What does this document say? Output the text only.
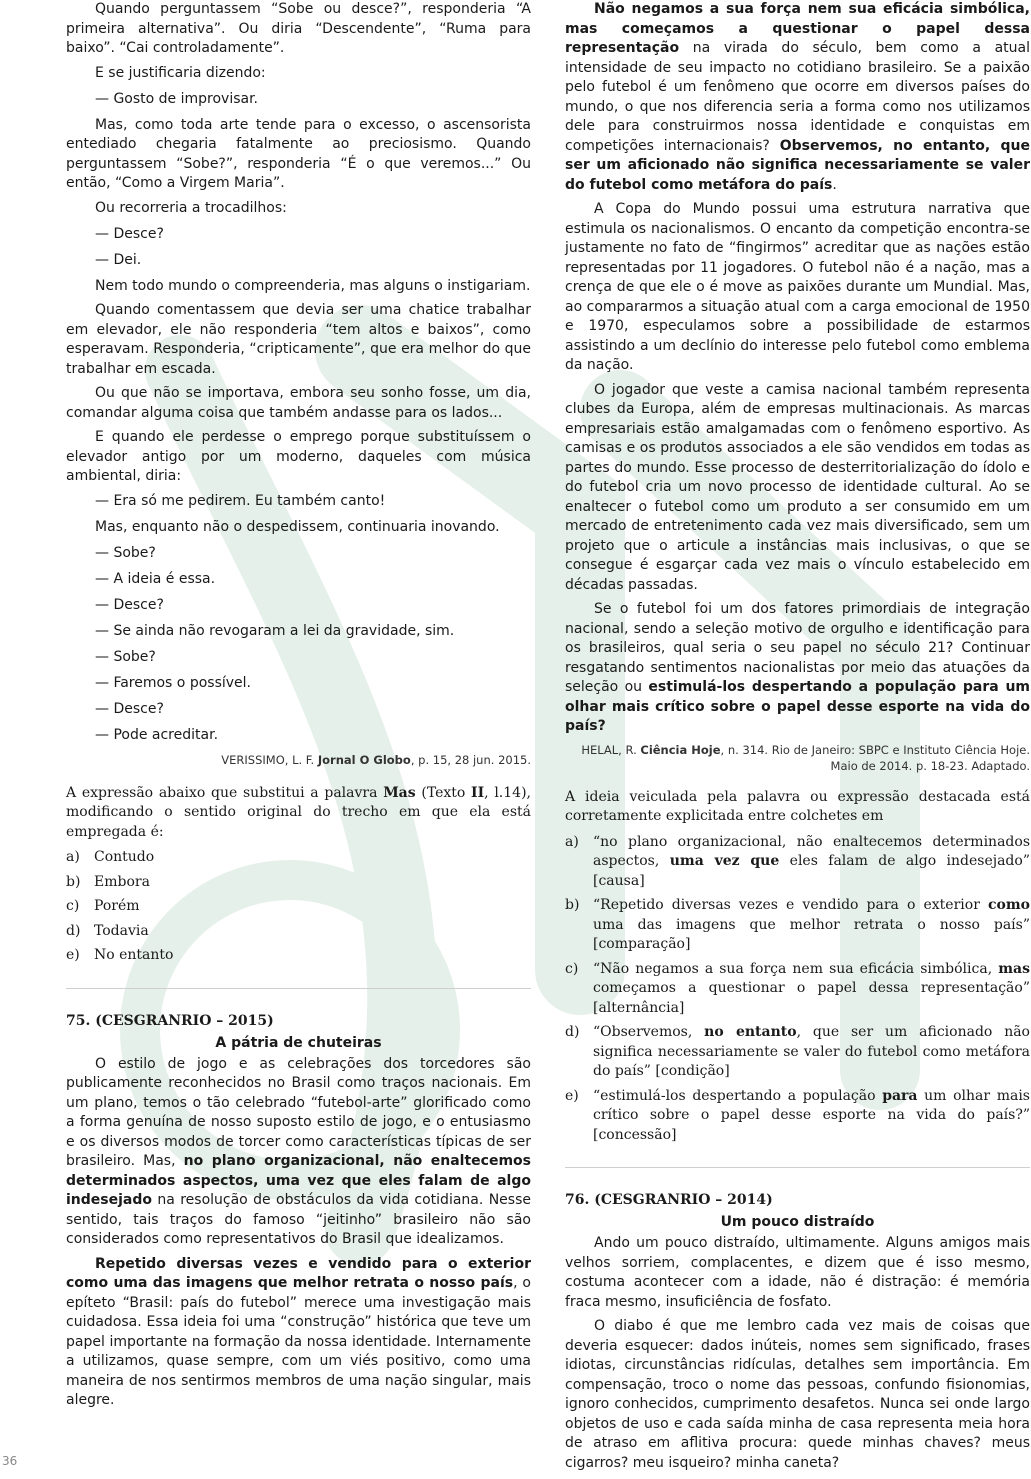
Quando perguntassem “Sobe ou desce?”, responderia “A primeira alternativa”. Ou diria “Descendente”, “Ruma para baixo”. “Cai controladamente”.

E se justificaria dizendo:

— Gosto de improvisar.

Mas, como toda arte tende para o excesso, o ascensorista entediado chegaria fatalmente ao preciosismo. Quando perguntassem “Sobe?”, responderia “É o que veremos...” Ou então, “Como a Virgem Maria”.

Ou recorreria a trocadilhos:

— Desce?

— Dei.

Nem todo mundo o compreenderia, mas alguns o instigariam.

Quando comentassem que devia ser uma chatice trabalhar em elevador, ele não responderia “tem altos e baixos”, como esperavam. Responderia, “cripticamente”, que era melhor do que trabalhar em escada.

Ou que não se importava, embora seu sonho fosse, um dia, comandar alguma coisa que também andasse para os lados...

E quando ele perdesse o emprego porque substituíssem o elevador antigo por um moderno, daqueles com música ambiental, diria:

— Era só me pedirem. Eu também canto!

Mas, enquanto não o despedissem, continuaria inovando.

— Sobe?

— A ideia é essa.

— Desce?

— Se ainda não revogaram a lei da gravidade, sim.

— Sobe?

— Faremos o possível.

— Desce?

— Pode acreditar.

VERISSIMO, L. F. Jornal O Globo, p. 15, 28 jun. 2015.

A expressão abaixo que substitui a palavra Mas (Texto II, l.14), modificando o sentido original do trecho em que ela está empregada é:

a)	Contudo
b) Embora
c)	Porém
d) Todavia
e)	No entanto

75. (CESGRANRIO – 2015)

A pátria de chuteiras

O estilo de jogo e as celebrações dos torcedores são publicamente reconhecidos no Brasil como traços nacionais. Em um plano, temos o tão celebrado “futebol-arte” glorificado como a forma genuína de nosso suposto estilo de jogo, e o entusiasmo e os diversos modos de torcer como características típicas de ser brasileiro. Mas, no plano organizacional, não enaltecemos determinados aspectos, uma vez que eles falam de algo indesejado na resolução de obstáculos da vida cotidiana. Nesse sentido, tais traços do famoso “jeitinho” brasileiro não são considerados como representativos do Brasil que idealizamos.

Repetido diversas vezes e vendido para o exterior como uma das imagens que melhor retrata o nosso país, o epíteto “Brasil: país do futebol” merece uma investigação mais cuidadosa. Essa ideia foi uma “construção” histórica que teve um papel importante na formação da nossa identidade. Internamente a utilizamos, quase sempre, com um viés positivo, como uma maneira de nos sentirmos membros de uma nação singular, mais alegre.

Não negamos a sua força nem sua eficácia simbólica, mas começamos a questionar o papel dessa representação na virada do século, bem como a atual intensidade de seu impacto no cotidiano brasileiro. Se a paixão pelo futebol é um fenômeno que ocorre em diversos países do mundo, o que nos diferencia seria a forma como nos utilizamos dele para construirmos nossa identidade e conquistas em competições internacionais? Observemos, no entanto, que ser um aficionado não significa necessariamente se valer do futebol como metáfora do país.

A Copa do Mundo possui uma estrutura narrativa que estimula os nacionalismos. O encanto da competição encontra-se justamente no fato de “fingirmos” acreditar que as nações estão representadas por 11 jogadores. O futebol não é a nação, mas a crença de que ele o é move as paixões durante um Mundial. Mas, ao compararmos a situação atual com a carga emocional de 1950 e 1970, especulamos sobre a possibilidade de estarmos assistindo a um declínio do interesse pelo futebol como emblema da nação.

O jogador que veste a camisa nacional também representa clubes da Europa, além de empresas multinacionais. As marcas empresariais estão amalgamadas com o fenômeno esportivo. As camisas e os produtos associados a ele são vendidos em todas as partes do mundo. Esse processo de desterritorialização do ídolo e do futebol cria um novo processo de identidade cultural. Ao se enaltecer o futebol como um produto a ser consumido em um mercado de entretenimento cada vez mais diversificado, sem um projeto que o articule a instâncias mais inclusivas, o que se consegue é esgarçar cada vez mais o vínculo estabelecido em décadas passadas.

Se o futebol foi um dos fatores primordiais de integração nacional, sendo a seleção motivo de orgulho e identificação para os brasileiros, qual seria o seu papel no século 21? Continuar resgatando sentimentos nacionalistas por meio das atuações da seleção ou estimulá-los despertando a população para um olhar mais crítico sobre o papel desse esporte na vida do país?

HELAL, R. Ciência Hoje, n. 314. Rio de Janeiro: SBPC e Instituto Ciência Hoje. Maio de 2014. p. 18-23. Adaptado.

A ideia veiculada pela palavra ou expressão destacada está corretamente explicitada entre colchetes em

a)	“no plano organizacional, não enaltecemos determinados aspectos, uma vez que eles falam de algo indesejado” [causa]
b) “Repetido diversas vezes e vendido para o exterior como uma das imagens que melhor retrata o nosso país” [comparação]
c)	“Não negamos a sua força nem sua eficácia simbólica, mas começamos a questionar o papel dessa representação” [alternância]
d) “Observemos, no entanto, que ser um aficionado não significa necessariamente se valer do futebol como metáfora do país” [condição]
e)	“estimulá-los despertando a população para um olhar mais crítico sobre o papel desse esporte na vida do país?” [concessão]

76. (CESGRANRIO – 2014)

Um pouco distraído

Ando um pouco distraído, ultimamente. Alguns amigos mais velhos sorriem, complacentes, e dizem que é isso mesmo, costuma acontecer com a idade, não é distração: é memória fraca mesmo, insuficiência de fosfato.

O diabo é que me lembro cada vez mais de coisas que deveria esquecer: dados inúteis, nomes sem significado, frases idiotas, circunstâncias ridículas, detalhes sem importância. Em compensação, troco o nome das pessoas, confundo fisionomias, ignoro conhecidos, cumprimento desafetos. Nunca sei onde largo objetos de uso e cada saída minha de casa representa meia hora de atraso em aflitiva procura: quede minhas chaves? meus cigarros? meu isqueiro? minha caneta?

36
